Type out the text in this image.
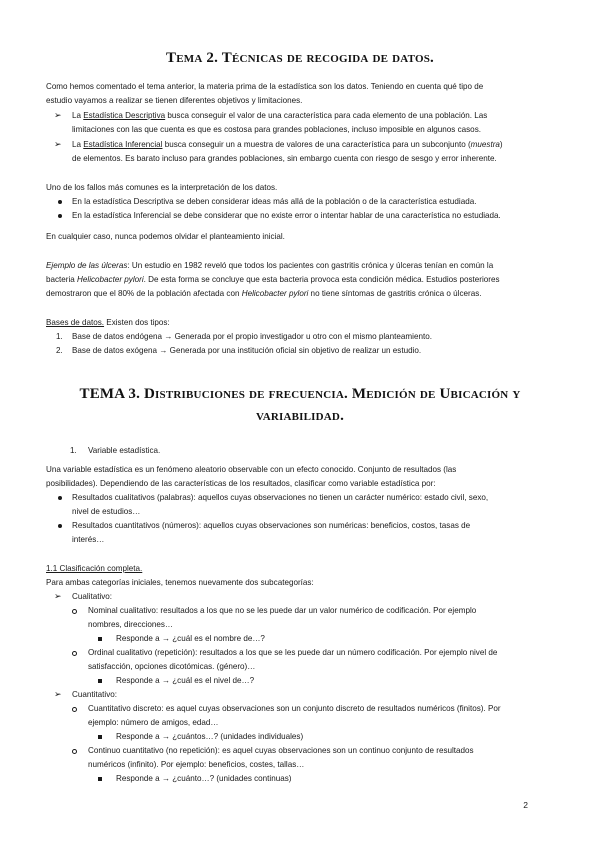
Tema 2. Técnicas de recogida de datos.
Como hemos comentado el tema anterior, la materia prima de la estadística son los datos. Teniendo en cuenta qué tipo de
estudio vayamos a realizar se tienen diferentes objetivos y limitaciones.
➢ La Estadística Descriptiva busca conseguir el valor de una característica para cada elemento de una población. Las
limitaciones con las que cuenta es que es costosa para grandes poblaciones, incluso imposible en algunos casos.
➢ La Estadística Inferencial busca conseguir un a muestra de valores de una característica para un subconjunto (muestra)
de elementos. Es barato incluso para grandes poblaciones, sin embargo cuenta con riesgo de sesgo y error inherente.
Uno de los fallos más comunes es la interpretación de los datos.
En la estadística Descriptiva se deben considerar ideas más allá de la población o de la característica estudiada.
En la estadística Inferencial se debe considerar que no existe error o intentar hablar de una característica no estudiada.
En cualquier caso, nunca podemos olvidar el planteamiento inicial.
Ejemplo de las úlceras: Un estudio en 1982 reveló que todos los pacientes con gastritis crónica y úlceras tenían en común la
bacteria Helicobacter pylori. De esta forma se concluye que esta bacteria provoca esta condición médica. Estudios posteriores
demostraron que el 80% de la población afectada con Helicobacter pylori no tiene síntomas de gastritis crónica o úlceras.
Bases de datos. Existen dos tipos:
1. Base de datos endógena → Generada por el propio investigador u otro con el mismo planteamiento.
2. Base de datos exógena → Generada por una institución oficial sin objetivo de realizar un estudio.
TEMA 3. Distribuciones de frecuencia. Medición de Ubicación y
variabilidad.
1. Variable estadística.
Una variable estadística es un fenómeno aleatorio observable con un efecto conocido. Conjunto de resultados (las
posibilidades). Dependiendo de las características de los resultados, clasificar como variable estadística por:
Resultados cualitativos (palabras): aquellos cuyas observaciones no tienen un carácter numérico: estado civil, sexo,
nivel de estudios…
Resultados cuantitativos (números): aquellos cuyas observaciones son numéricas: beneficios, costos, tasas de
interés…
1.1 Clasificación completa.
Para ambas categorías iniciales, tenemos nuevamente dos subcategorías:
➢ Cualitativo:
Nominal cualitativo: resultados a los que no se les puede dar un valor numérico de codificación. Por ejemplo
nombres, direcciones…
Responde a → ¿cuál es el nombre de…?
Ordinal cualitativo (repetición): resultados a los que se les puede dar un número codificación. Por ejemplo nivel de
satisfacción, opciones dicotómicas. (género)…
Responde a → ¿cuál es el nivel de…?
➢ Cuantitativo:
Cuantitativo discreto: es aquel cuyas observaciones son un conjunto discreto de resultados numéricos (finitos). Por
ejemplo: número de amigos, edad…
Responde a → ¿cuántos…? (unidades individuales)
Continuo cuantitativo (no repetición): es aquel cuyas observaciones son un continuo conjunto de resultados
numéricos (infinito). Por ejemplo: beneficios, costes, tallas…
Responde a → ¿cuánto…? (unidades continuas)
2
